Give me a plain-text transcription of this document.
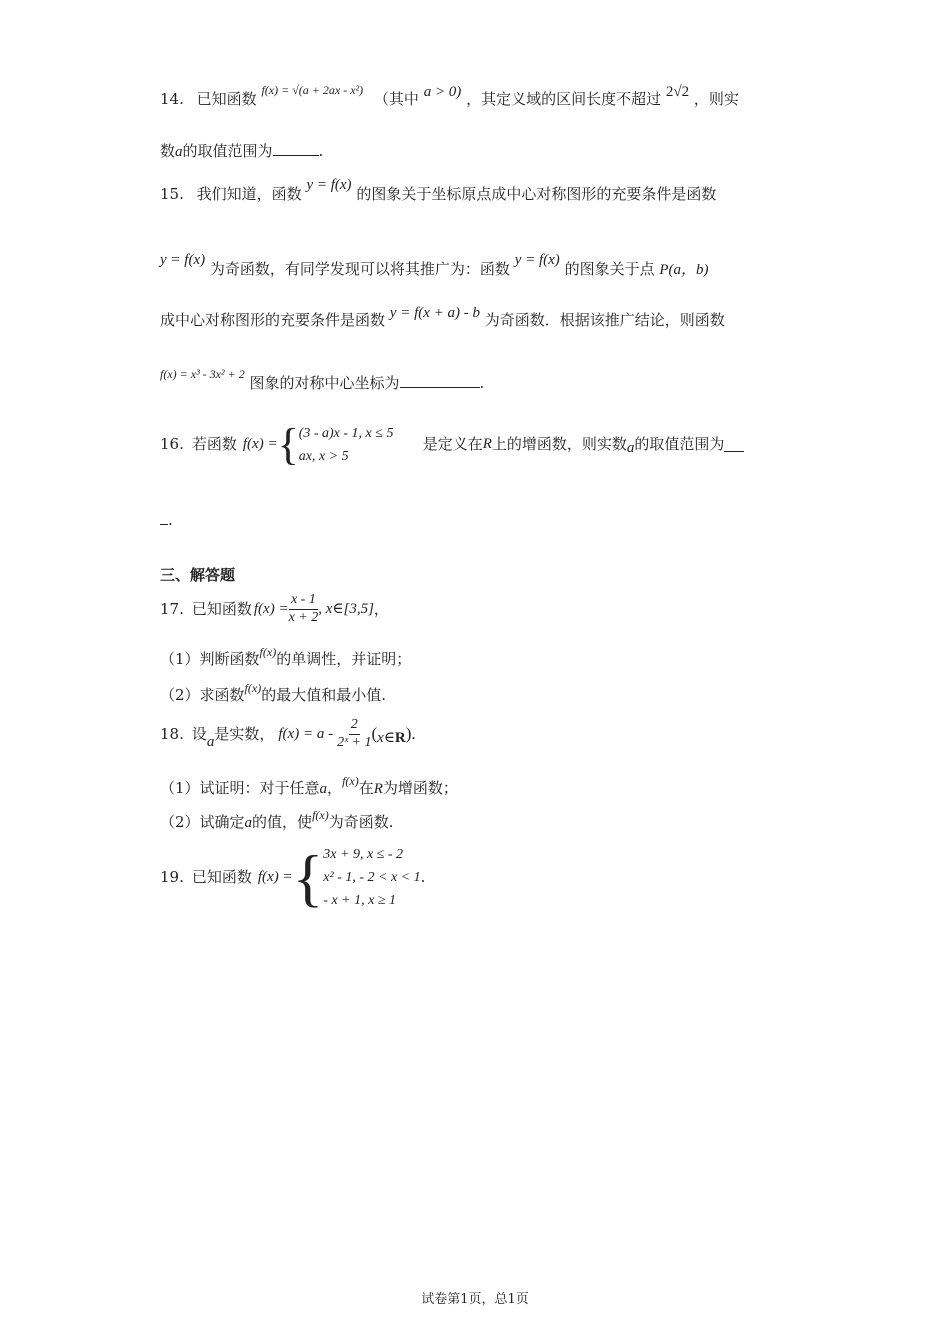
14. 已知函数 $^{f(x) = √(a + 2ax - x^2)}$ （其中 a > 0) ，其定义域的区间长度不超过 2√2 ，则实
数a的取值范围为	.
15. 我们知道，函数 y = f(x) 的图象关于坐标原点成中心对称图形的充要条件是函数
y = f(x) 为奇函数，有同学发现可以将其推广为：函数 y = f(x) 的图象关于点 P(a，b)
成中心对称图形的充要条件是函数 y = f(x + a) - b 为奇函数．根据该推广结论，则函数
$^{f(x) = x^3 - 3x^2 + 2}$ 图象的对称中心坐标为	.
16. 若函数 f(x) = { (3 - a)x - 1, x ≤ 5
ax, x > 5
是定义在 R 上的增函数，则实数 a 的取值范围为
.
三、解答题
17. 已知函数 $f(x) = \frac{x - 1}{x + 2}$ , x∈[3,5] ，
（1）判断函数$^{f(x)}$的单调性，并证明；
（2）求函数$^{f(x)}$的最大值和最小值.
18. 设 a 是实数， $f(x) = a - \frac{2}{\text{2ˣ + 1}}$ ( x∈ R ).
（1）试证明：对于任意a，$^{f(x)}$在R为增函数；
（2）试确定a的值，使$^{f(x)}$为奇函数.
19. 已知函数 f(x) = { 3x + 9, x ≤ - 2
x² - 1, - 2 < x < 1
- x + 1, x ≥ 1
.
试卷第1页，总1页
